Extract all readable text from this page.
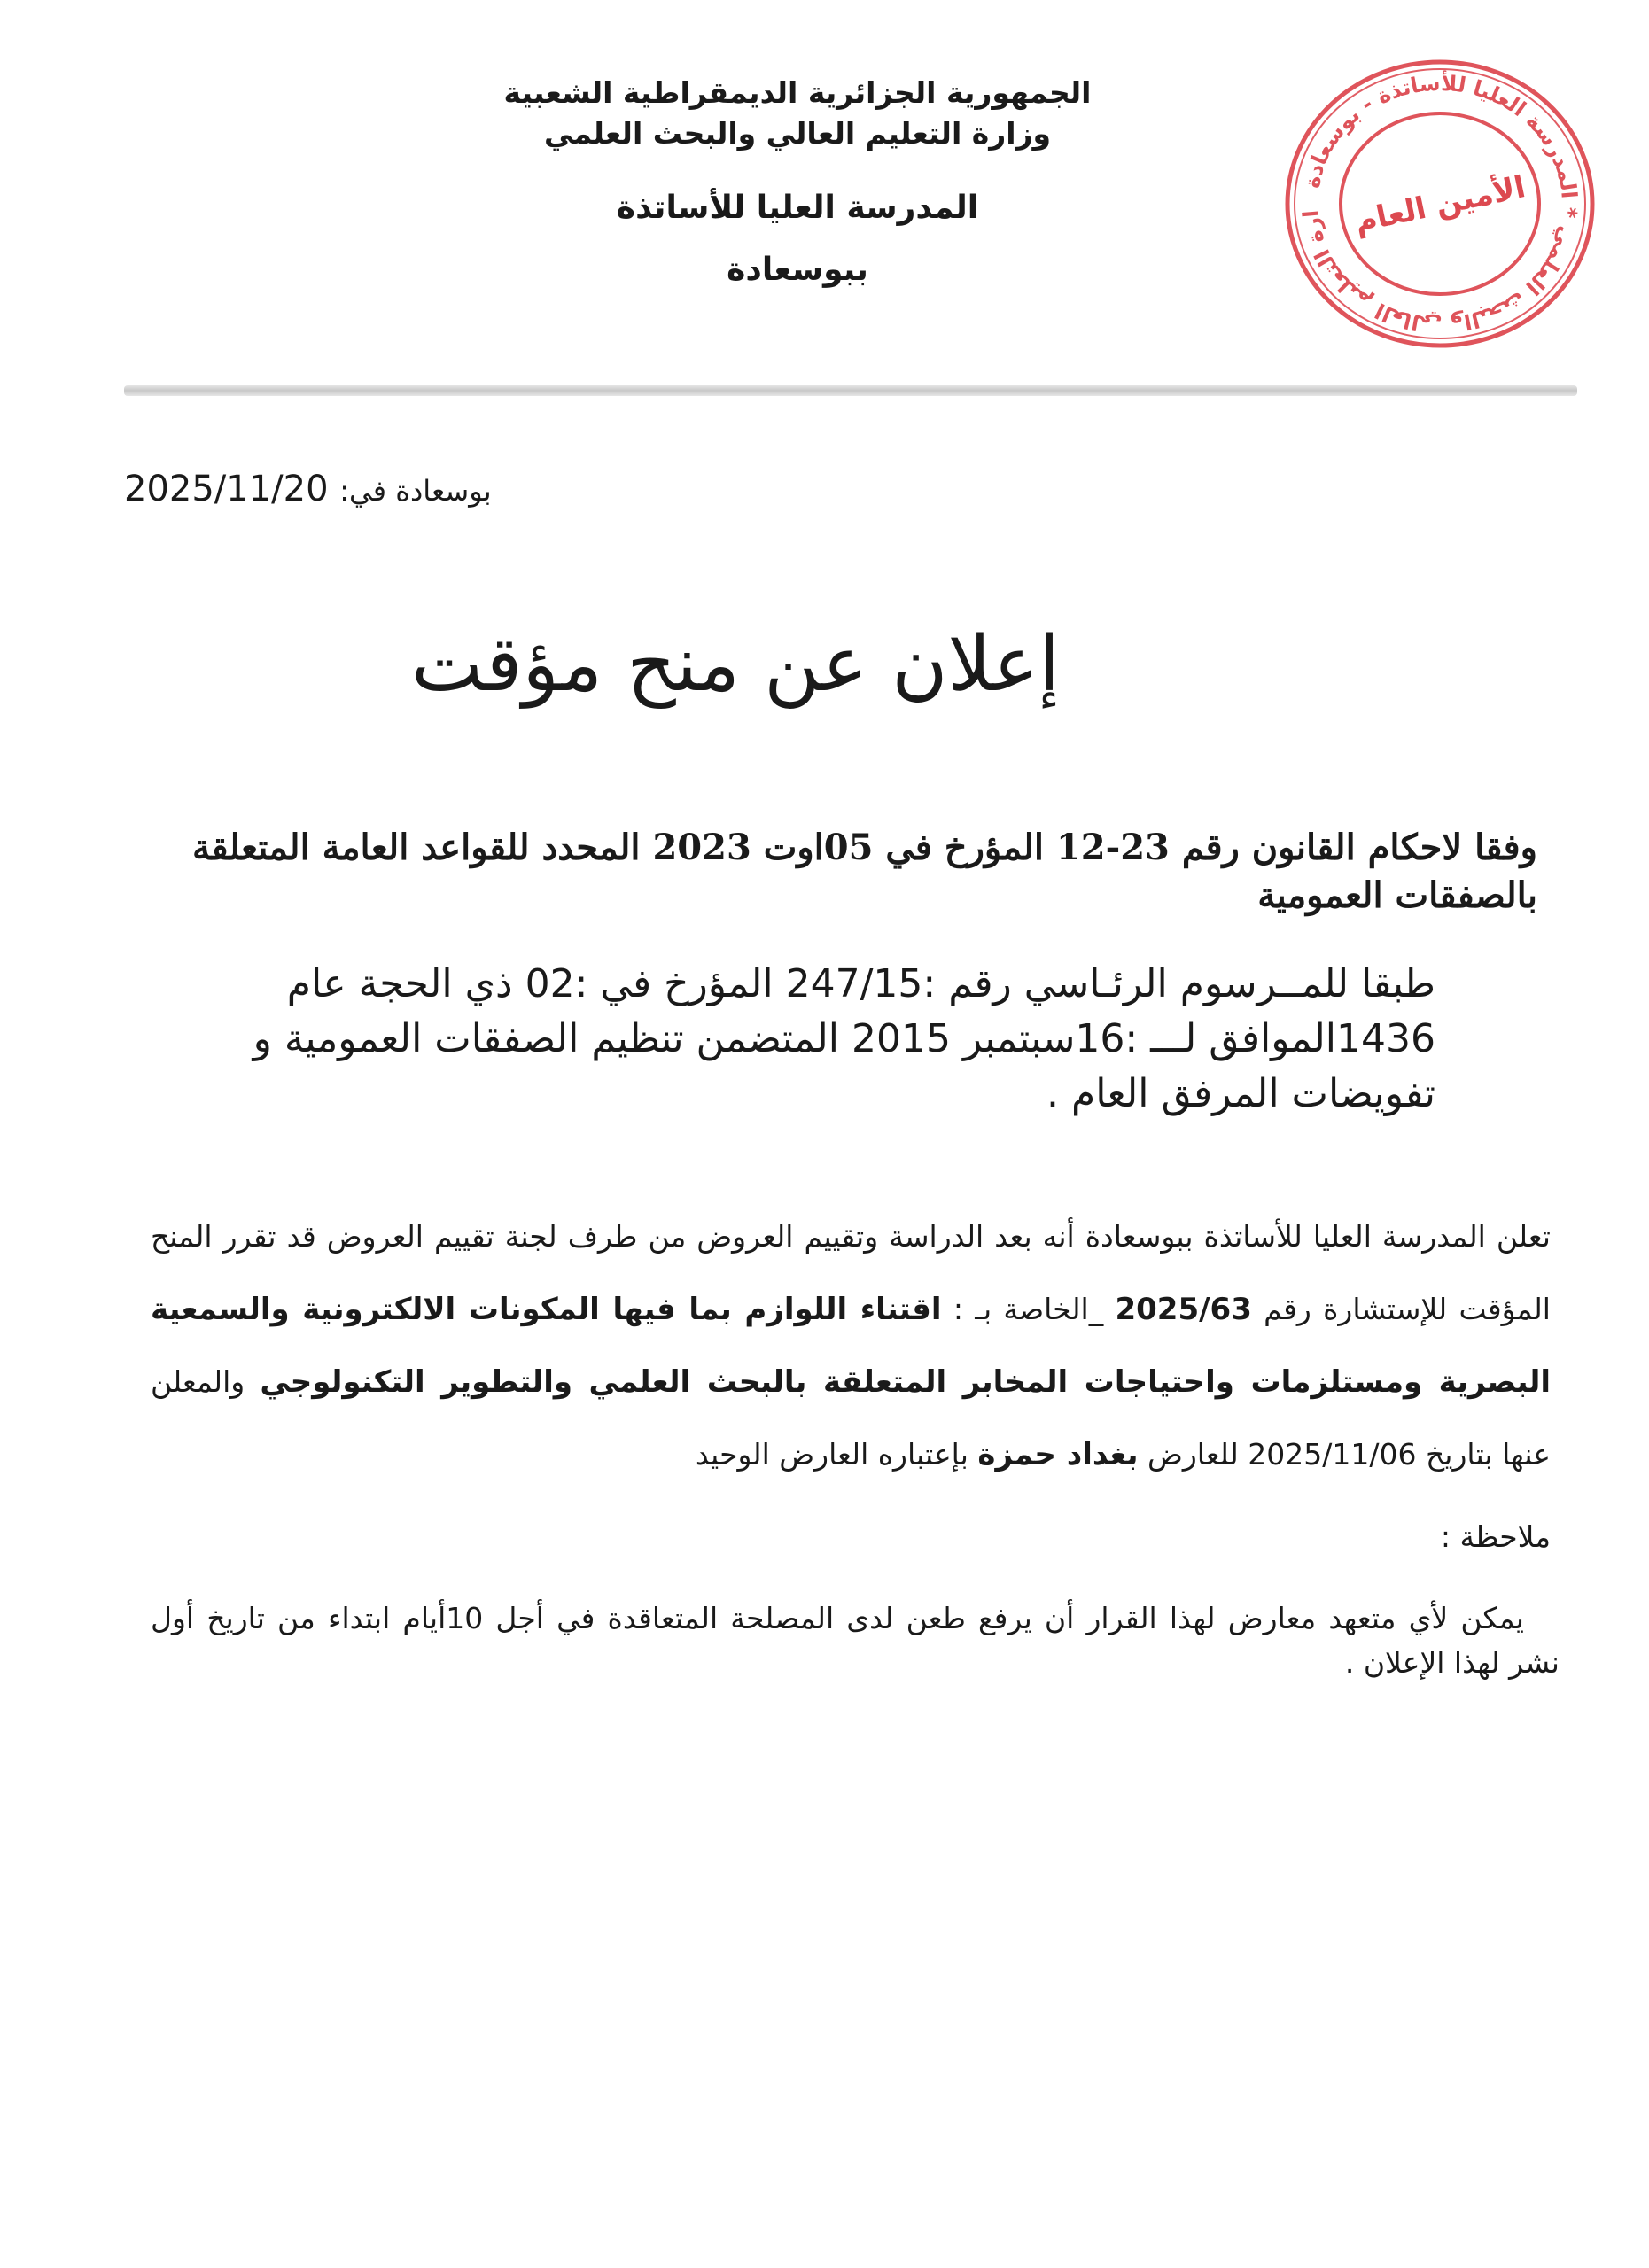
الجمهورية الجزائرية الديمقراطية الشعبية

وزارة التعليم العالي والبحث العلمي

المدرسة العليا للأساتذة

ببوسعادة

ارة التعليم العالي والبحث العلمي * المدرسة العليا للأساتذة - بوسعادة
الأمين العام
بوسعادة في: 2025/11/20
إعلان عن منح مؤقت
وفقا لاحكام القانون رقم 23-12 المؤرخ في 05اوت 2023 المحدد للقواعد العامة المتعلقة بالصفقات العمومية
طبقا للمــرسوم الرئـاسي رقم :247/15 المؤرخ في :02 ذي الحجة عام 1436الموافق لـــ :16سبتمبر 2015 المتضمن تنظيم الصفقات العمومية و تفويضات المرفق العام .
تعلن المدرسة العليا للأساتذة ببوسعادة أنه بعد الدراسة وتقييم العروض من طرف لجنة تقييم العروض قد تقرر المنح المؤقت للإستشارة رقم 2025/63 _الخاصة بـ : اقتناء اللوازم بما فيها المكونات الالكترونية والسمعية البصرية ومستلزمات واحتياجات المخابر المتعلقة بالبحث العلمي والتطوير التكنولوجي والمعلن عنها بتاريخ 2025/11/06 للعارض بغداد حمزة بإعتباره العارض الوحيد
ملاحظة :
يمكن لأي متعهد معارض لهذا القرار أن يرفع طعن لدى المصلحة المتعاقدة في أجل 10أيام ابتداء من تاريخ أول نشر لهذا الإعلان .
